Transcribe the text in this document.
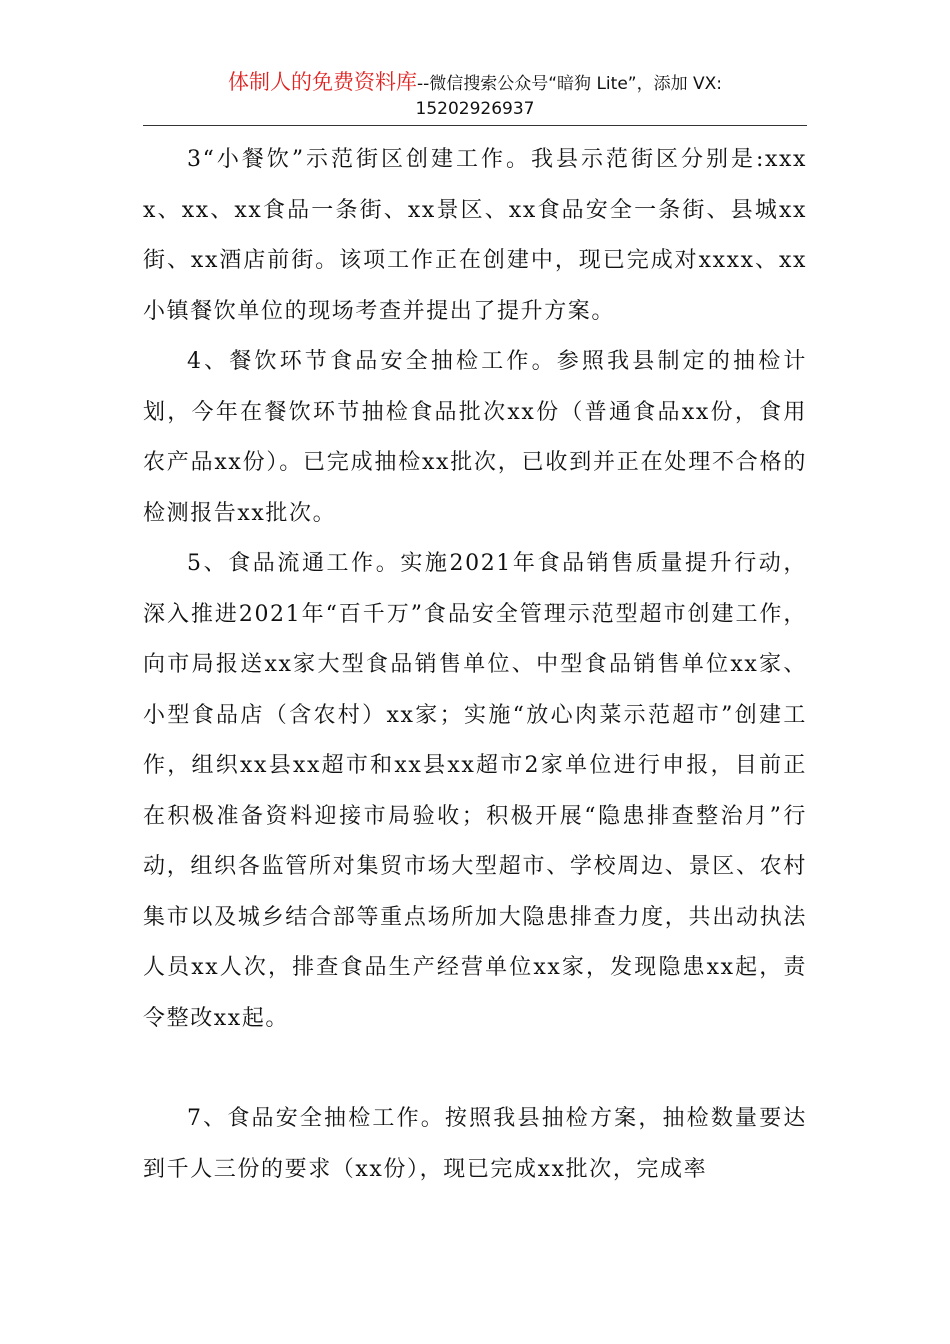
体制人的免费资料库--微信搜索公众号“暗狗 Lite”，添加 VX:
15202926937

3“小餐饮”示范街区创建工作。我县示范街区分别是:xxxx、xx、xx食品一条街、xx景区、xx食品安全一条街、县城xx街、xx酒店前街。该项工作正在创建中，现已完成对xxxx、xx小镇餐饮单位的现场考查并提出了提升方案。

4、餐饮环节食品安全抽检工作。参照我县制定的抽检计划，今年在餐饮环节抽检食品批次xx份（普通食品xx份，食用农产品xx份）。已完成抽检xx批次，已收到并正在处理不合格的检测报告xx批次。

5、食品流通工作。实施2021年食品销售质量提升行动，深入推进2021年“百千万”食品安全管理示范型超市创建工作，向市局报送xx家大型食品销售单位、中型食品销售单位xx家、小型食品店（含农村）xx家；实施“放心肉菜示范超市”创建工作，组织xx县xx超市和xx县xx超市2家单位进行申报，目前正在积极准备资料迎接市局验收；积极开展“隐患排查整治月”行动，组织各监管所对集贸市场大型超市、学校周边、景区、农村集市以及城乡结合部等重点场所加大隐患排查力度，共出动执法人员xx人次，排查食品生产经营单位xx家，发现隐患xx起，责令整改xx起。

7、食品安全抽检工作。按照我县抽检方案，抽检数量要达到千人三份的要求（xx份），现已完成xx批次，完成率
